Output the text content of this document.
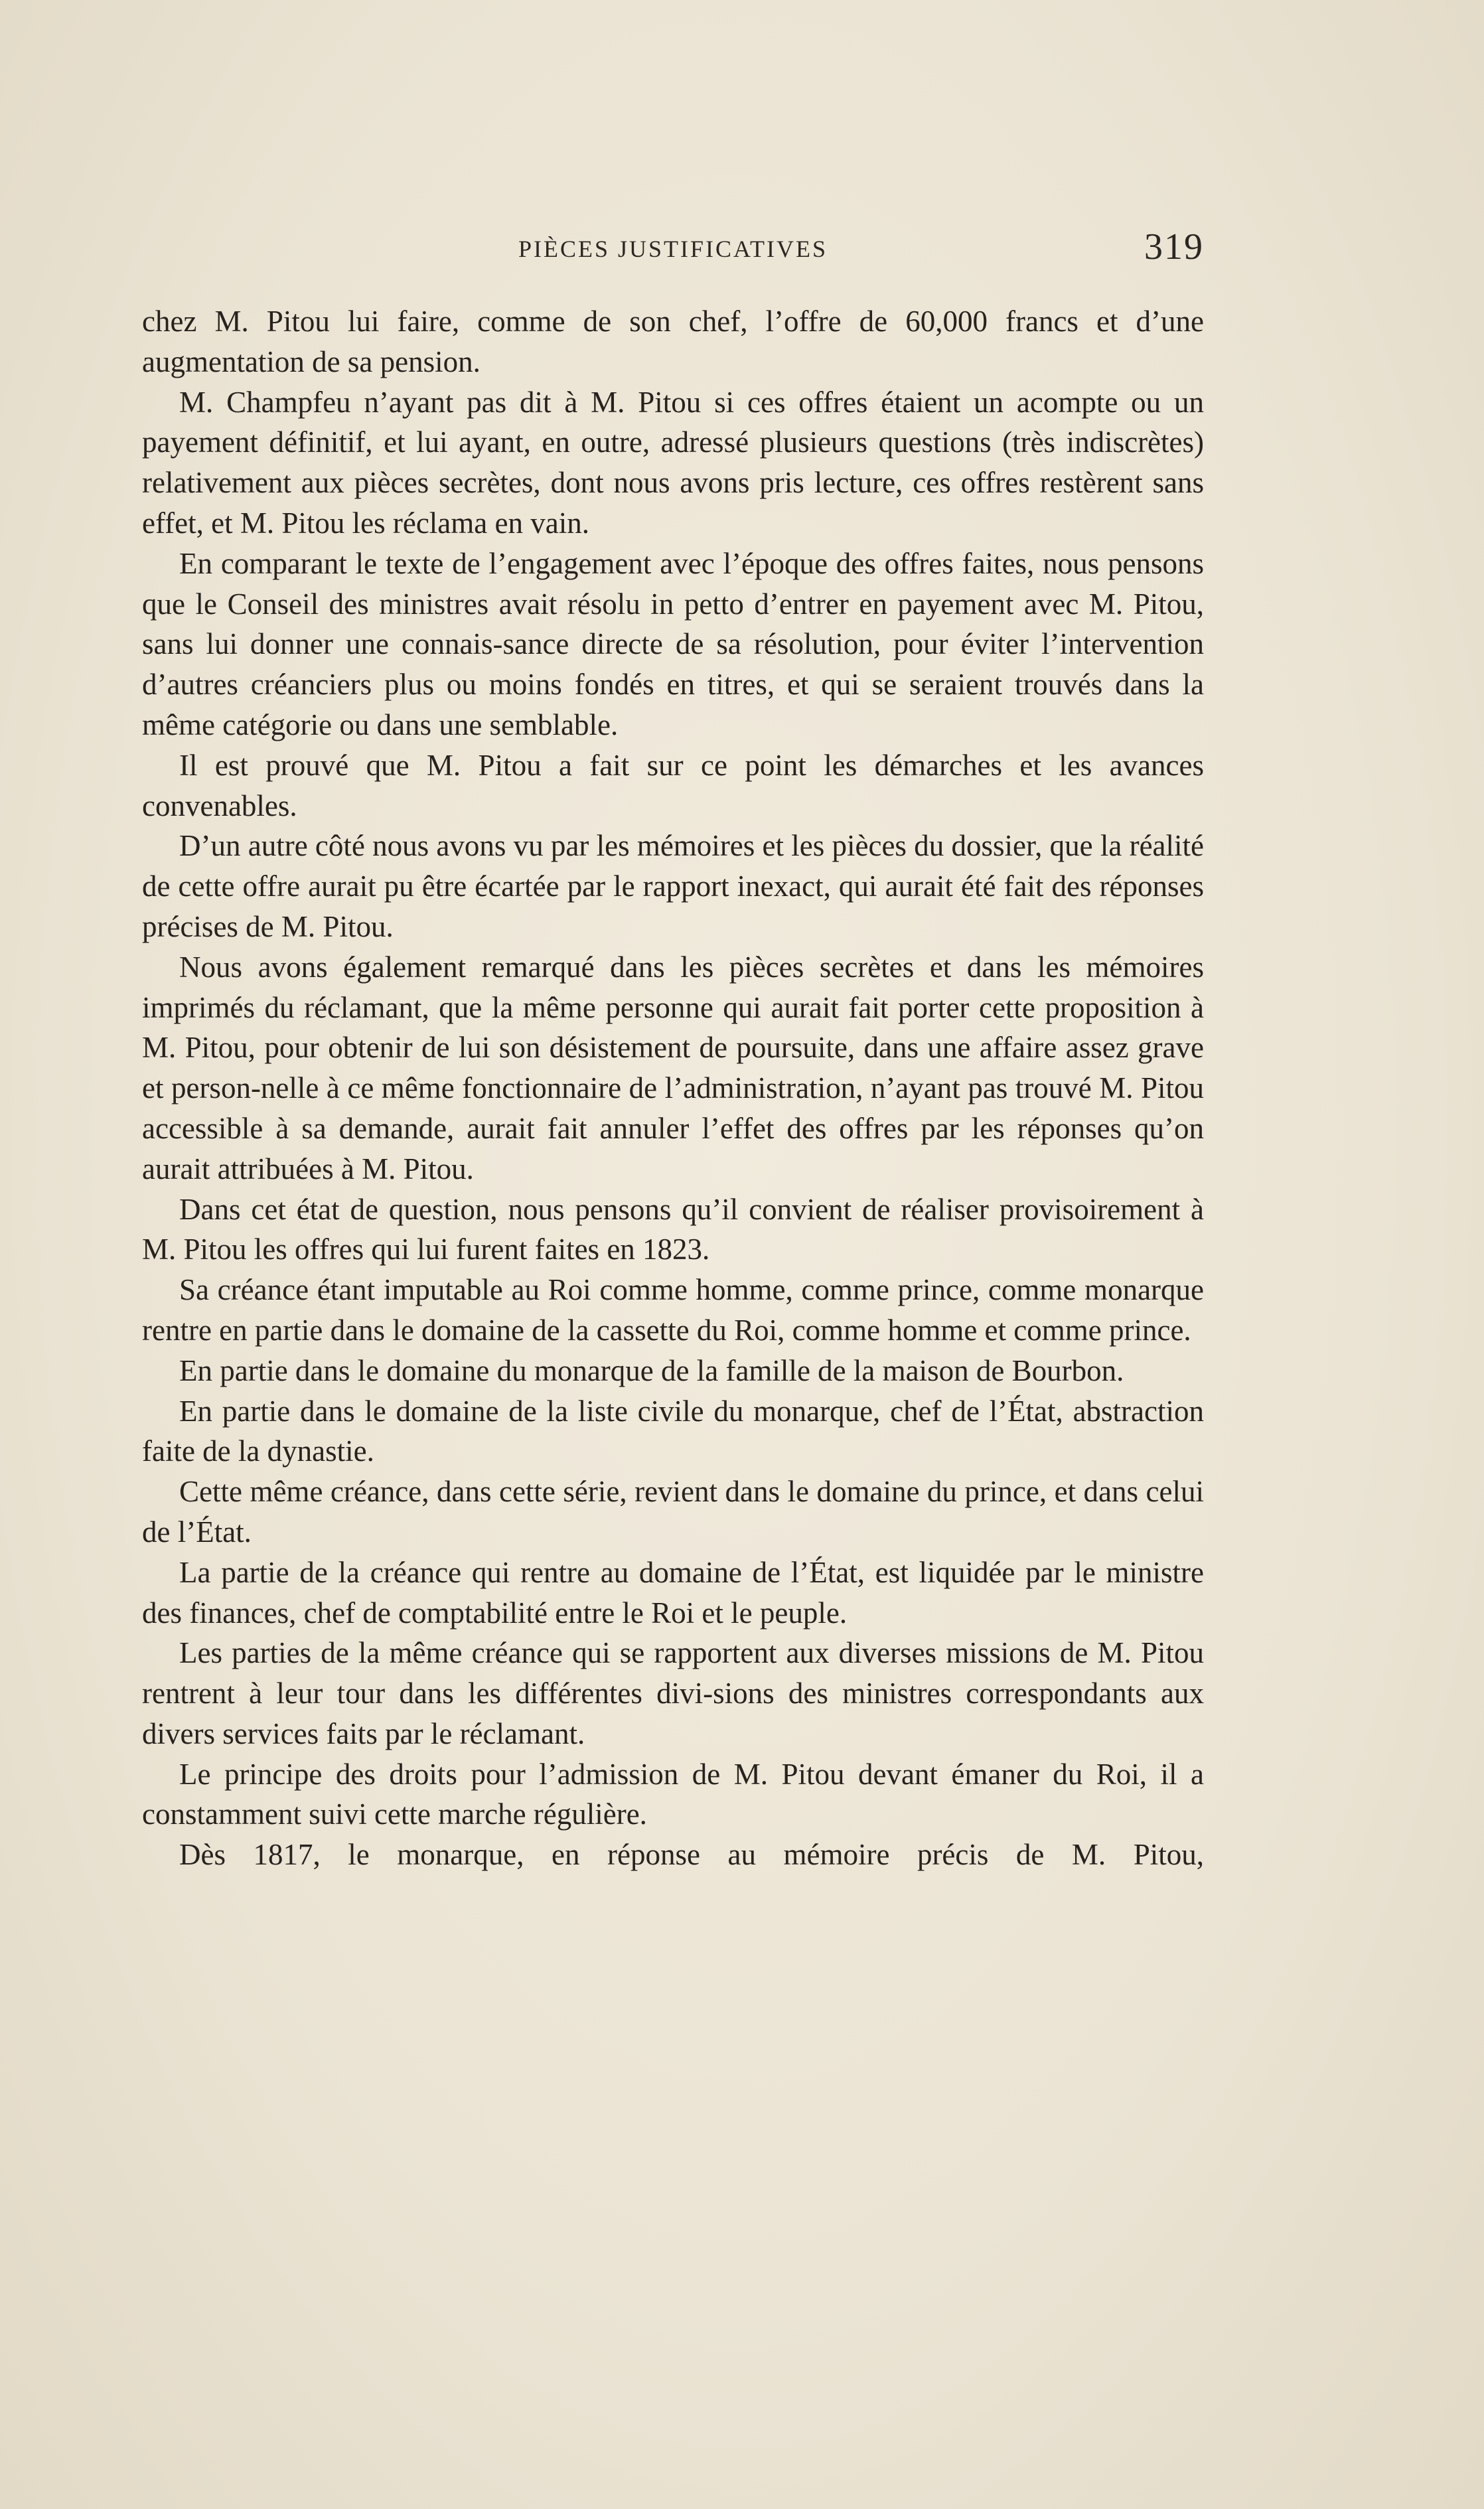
PIÈCES JUSTIFICATIVES	319

chez M. Pitou lui faire, comme de son chef, l’offre de 60,000 francs et d’une augmentation de sa pension.

M. Champfeu n’ayant pas dit à M. Pitou si ces offres étaient un acompte ou un payement définitif, et lui ayant, en outre, adressé plusieurs questions (très indiscrètes) relativement aux pièces secrètes, dont nous avons pris lecture, ces offres restèrent sans effet, et M. Pitou les réclama en vain.

En comparant le texte de l’engagement avec l’époque des offres faites, nous pensons que le Conseil des ministres avait résolu in petto d’entrer en payement avec M. Pitou, sans lui donner une connais-sance directe de sa résolution, pour éviter l’intervention d’autres créanciers plus ou moins fondés en titres, et qui se seraient trouvés dans la même catégorie ou dans une semblable.

Il est prouvé que M. Pitou a fait sur ce point les démarches et les avances convenables.

D’un autre côté nous avons vu par les mémoires et les pièces du dossier, que la réalité de cette offre aurait pu être écartée par le rapport inexact, qui aurait été fait des réponses précises de M. Pitou.

Nous avons également remarqué dans les pièces secrètes et dans les mémoires imprimés du réclamant, que la même personne qui aurait fait porter cette proposition à M. Pitou, pour obtenir de lui son désistement de poursuite, dans une affaire assez grave et person-nelle à ce même fonctionnaire de l’administration, n’ayant pas trouvé M. Pitou accessible à sa demande, aurait fait annuler l’effet des offres par les réponses qu’on aurait attribuées à M. Pitou.

Dans cet état de question, nous pensons qu’il convient de réaliser provisoirement à M. Pitou les offres qui lui furent faites en 1823.

Sa créance étant imputable au Roi comme homme, comme prince, comme monarque rentre en partie dans le domaine de la cassette du Roi, comme homme et comme prince.

En partie dans le domaine du monarque de la famille de la maison de Bourbon.

En partie dans le domaine de la liste civile du monarque, chef de l’État, abstraction faite de la dynastie.

Cette même créance, dans cette série, revient dans le domaine du prince, et dans celui de l’État.

La partie de la créance qui rentre au domaine de l’État, est liquidée par le ministre des finances, chef de comptabilité entre le Roi et le peuple.

Les parties de la même créance qui se rapportent aux diverses missions de M. Pitou rentrent à leur tour dans les différentes divi-sions des ministres correspondants aux divers services faits par le réclamant.

Le principe des droits pour l’admission de M. Pitou devant émaner du Roi, il a constamment suivi cette marche régulière.

Dès 1817, le monarque, en réponse au mémoire précis de M. Pitou,
